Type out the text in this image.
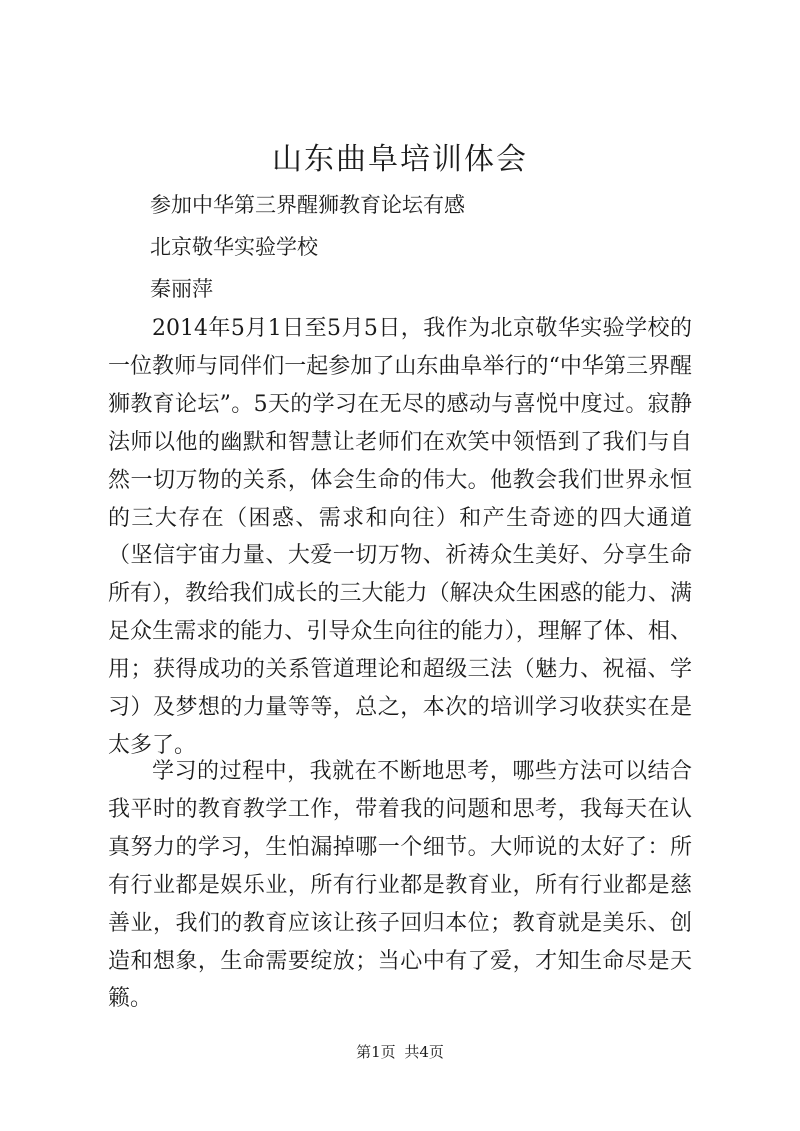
山东曲阜培训体会
参加中华第三界醒狮教育论坛有感
北京敬华实验学校
秦丽萍

2014年5月1日至5月5日，我作为北京敬华实验学校的一位教师与同伴们一起参加了山东曲阜举行的“中华第三界醒狮教育论坛”。5天的学习在无尽的感动与喜悦中度过。寂静法师以他的幽默和智慧让老师们在欢笑中领悟到了我们与自然一切万物的关系，体会生命的伟大。他教会我们世界永恒的三大存在（困惑、需求和向往）和产生奇迹的四大通道（坚信宇宙力量、大爱一切万物、祈祷众生美好、分享生命所有），教给我们成长的三大能力（解决众生困惑的能力、满足众生需求的能力、引导众生向往的能力），理解了体、相、用；获得成功的关系管道理论和超级三法（魅力、祝福、学习）及梦想的力量等等，总之，本次的培训学习收获实在是太多了。

学习的过程中，我就在不断地思考，哪些方法可以结合我平时的教育教学工作，带着我的问题和思考，我每天在认真努力的学习，生怕漏掉哪一个细节。大师说的太好了：所有行业都是娱乐业，所有行业都是教育业，所有行业都是慈善业，我们的教育应该让孩子回归本位；教育就是美乐、创造和想象，生命需要绽放；当心中有了爱，才知生命尽是天籁。

第1页 共4页
